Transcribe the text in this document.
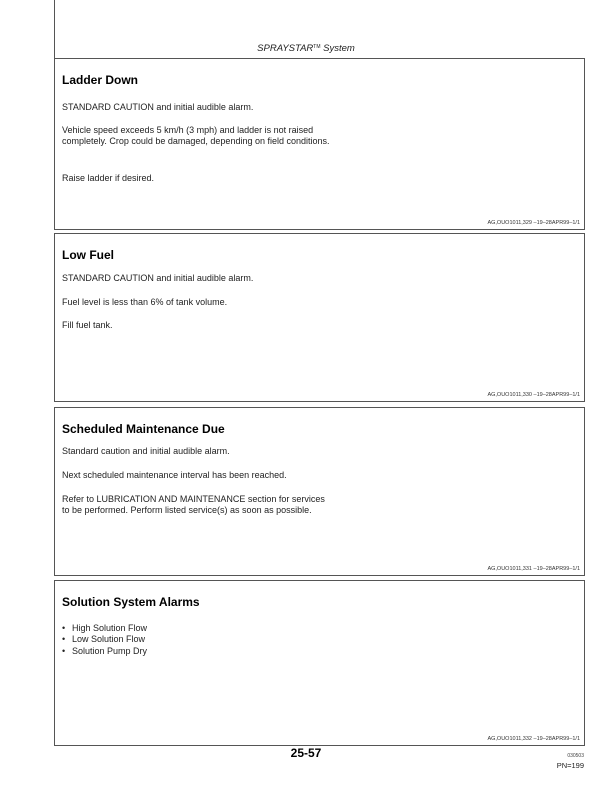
SPRAYSTAR™ System
Ladder Down
STANDARD CAUTION and initial audible alarm.
Vehicle speed exceeds 5 km/h (3 mph) and ladder is not raised completely. Crop could be damaged, depending on field conditions.
Raise ladder if desired.
AG,OUO1011,329 –19–28APR99–1/1
Low Fuel
STANDARD CAUTION and initial audible alarm.
Fuel level is less than 6% of tank volume.
Fill fuel tank.
AG,OUO1011,330 –19–28APR99–1/1
Scheduled Maintenance Due
Standard caution and initial audible alarm.
Next scheduled maintenance interval has been reached.
Refer to LUBRICATION AND MAINTENANCE section for services to be performed. Perform listed service(s) as soon as possible.
AG,OUO1011,331 –19–28APR99–1/1
Solution System Alarms
• High Solution Flow
• Low Solution Flow
• Solution Pump Dry
AG,OUO1011,332 –19–28APR99–1/1
25-57	030503
PN=199
